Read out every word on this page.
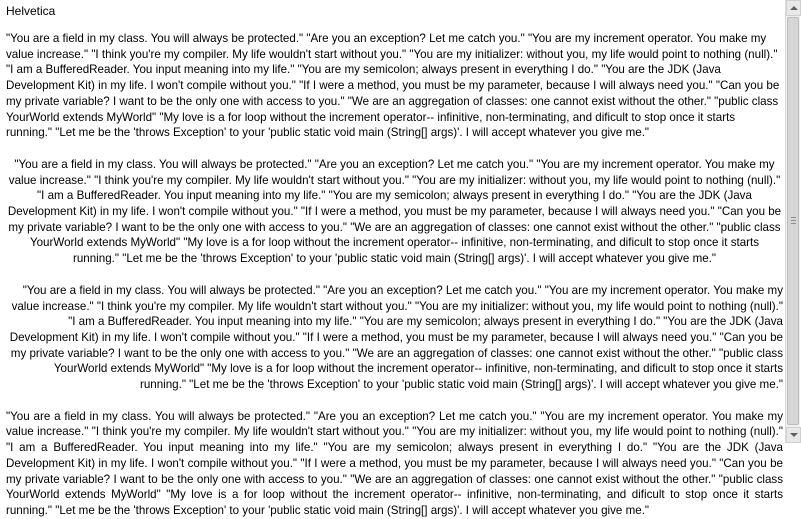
Helvetica

"You are a field in my class. You will always be protected." "Are you an exception? Let me catch you." "You are my increment operator. You make my value increase." "I think you're my compiler. My life wouldn't start without you." "You are my initializer: without you, my life would point to nothing (null)." "I am a BufferedReader. You input meaning into my life." "You are my semicolon; always present in everything I do." "You are the JDK (Java Development Kit) in my life. I won't compile without you." "If I were a method, you must be my parameter, because I will always need you." "Can you be my private variable? I want to be the only one with access to you." "We are an aggregation of classes: one cannot exist without the other." "public class YourWorld extends MyWorld" "My love is a for loop without the increment operator-- infinitive, non-terminating, and dificult to stop once it starts running." "Let me be the 'throws Exception' to your 'public static void main (String[] args)'. I will accept whatever you give me."

"You are a field in my class. You will always be protected." "Are you an exception? Let me catch you." "You are my increment operator. You make my value increase." "I think you're my compiler. My life wouldn't start without you." "You are my initializer: without you, my life would point to nothing (null)." "I am a BufferedReader. You input meaning into my life." "You are my semicolon; always present in everything I do." "You are the JDK (Java Development Kit) in my life. I won't compile without you." "If I were a method, you must be my parameter, because I will always need you." "Can you be my private variable? I want to be the only one with access to you." "We are an aggregation of classes: one cannot exist without the other." "public class YourWorld extends MyWorld" "My love is a for loop without the increment operator-- infinitive, non-terminating, and dificult to stop once it starts running." "Let me be the 'throws Exception' to your 'public static void main (String[] args)'. I will accept whatever you give me."

"You are a field in my class. You will always be protected." "Are you an exception? Let me catch you." "You are my increment operator. You make my value increase." "I think you're my compiler. My life wouldn't start without you." "You are my initializer: without you, my life would point to nothing (null)." "I am a BufferedReader. You input meaning into my life." "You are my semicolon; always present in everything I do." "You are the JDK (Java Development Kit) in my life. I won't compile without you." "If I were a method, you must be my parameter, because I will always need you." "Can you be my private variable? I want to be the only one with access to you." "We are an aggregation of classes: one cannot exist without the other." "public class YourWorld extends MyWorld" "My love is a for loop without the increment operator-- infinitive, non-terminating, and dificult to stop once it starts running." "Let me be the 'throws Exception' to your 'public static void main (String[] args)'. I will accept whatever you give me."

"You are a field in my class. You will always be protected." "Are you an exception? Let me catch you." "You are my increment operator. You make my value increase." "I think you're my compiler. My life wouldn't start without you." "You are my initializer: without you, my life would point to nothing (null)." "I am a BufferedReader. You input meaning into my life." "You are my semicolon; always present in everything I do." "You are the JDK (Java Development Kit) in my life. I won't compile without you." "If I were a method, you must be my parameter, because I will always need you." "Can you be my private variable? I want to be the only one with access to you." "We are an aggregation of classes: one cannot exist without the other." "public class YourWorld extends MyWorld" "My love is a for loop without the increment operator-- infinitive, non-terminating, and dificult to stop once it starts running." "Let me be the 'throws Exception' to your 'public static void main (String[] args)'. I will accept whatever you give me."
